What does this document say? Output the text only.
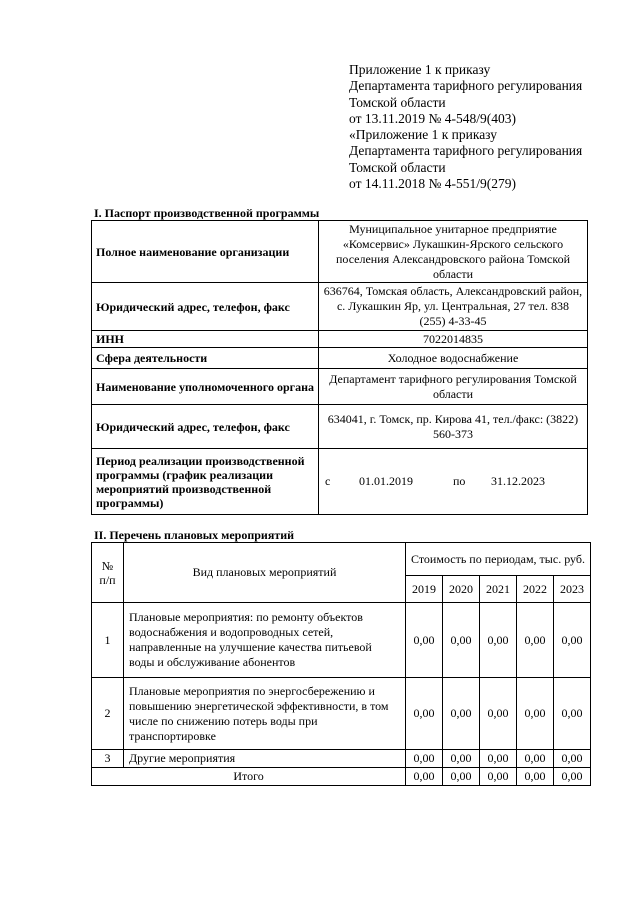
Приложение 1 к приказу
Департамента тарифного регулирования
Томской области
от 13.11.2019 № 4-548/9(403)
«Приложение 1 к приказу
Департамента тарифного регулирования
Томской области
от 14.11.2018 № 4-551/9(279)
I. Паспорт производственной программы
Полное наименование организации	Муниципальное унитарное предприятие «Комсервис» Лукашкин-Ярского сельского поселения Александровского района Томской области
Юридический адрес, телефон, факс	636764, Томская область, Александровский район, с. Лукашкин Яр, ул. Центральная, 27 тел. 838 (255) 4-33-45
ИНН	7022014835
Сфера деятельности	Холодное водоснабжение
Наименование уполномоченного органа	Департамент тарифного регулирования Томской области
Юридический адрес, телефон, факс	634041, г. Томск, пр. Кирова 41, тел./факс: (3822) 560-373
Период реализации производственной программы (график реализации мероприятий производственной программы)	с 01.01.2019 по 31.12.2023
II. Перечень плановых мероприятий
№ п/п	Вид плановых мероприятий	Стоимость по периодам, тыс. руб.				
		2019	2020	2021	2022	2023
1	Плановые мероприятия: по ремонту объектов водоснабжения и водопроводных сетей, направленные на улучшение качества питьевой воды и обслуживание абонентов	0,00	0,00	0,00	0,00	0,00
2	Плановые мероприятия по энергосбережению и повышению энергетической эффективности, в том числе по снижению потерь воды при транспортировке	0,00	0,00	0,00	0,00	0,00
3	Другие мероприятия	0,00	0,00	0,00	0,00	0,00
Итого		0,00	0,00	0,00	0,00	0,00
